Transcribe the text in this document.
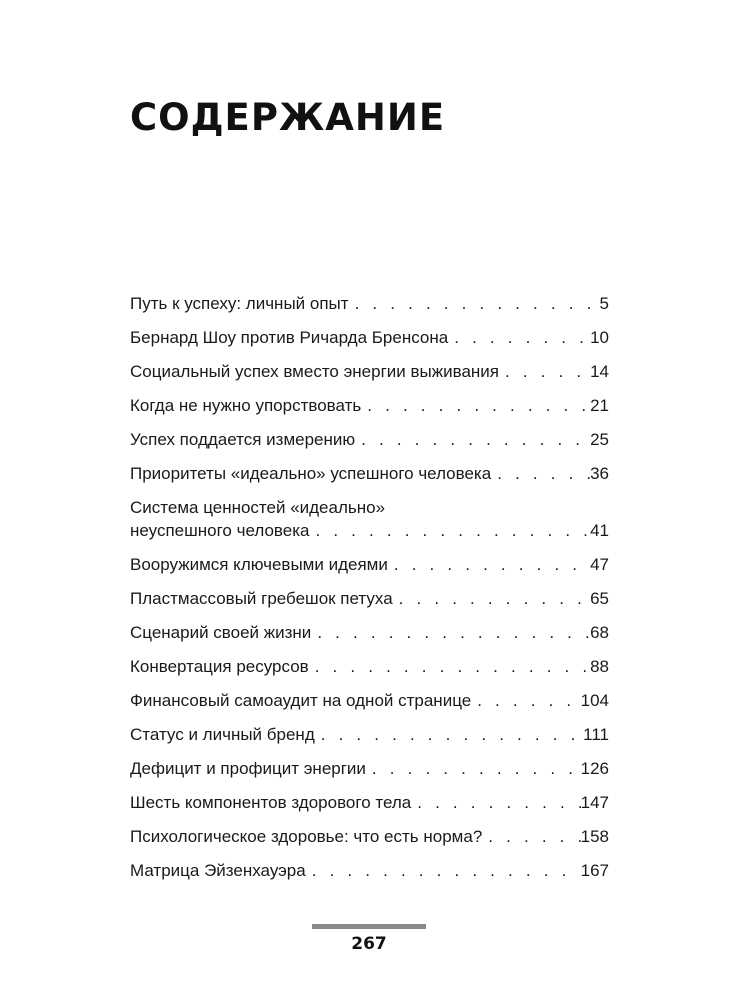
СОДЕРЖАНИЕ
Путь к успеху: личный опыт . . .	5
Бернард Шоу против Ричарда Бренсона . . .	10
Социальный успех вместо энергии выживания . . .	14
Когда не нужно упорствовать . . .	21
Успех поддается измерению . . .	25
Приоритеты «идеально» успешного человека . . .	36
Система ценностей «идеально»
неуспешного человека . . .	41
Вооружимся ключевыми идеями . . .	47
Пластмассовый гребешок петуха . . .	65
Сценарий своей жизни . . .	68
Конвертация ресурсов . . .	88
Финансовый самоаудит на одной странице . . .	104
Статус и личный бренд . . .	111
Дефицит и профицит энергии . . .	126
Шесть компонентов здорового тела . . .	147
Психологическое здоровье: что есть норма? . . .	158
Матрица Эйзенхауэра . . .	167
267
